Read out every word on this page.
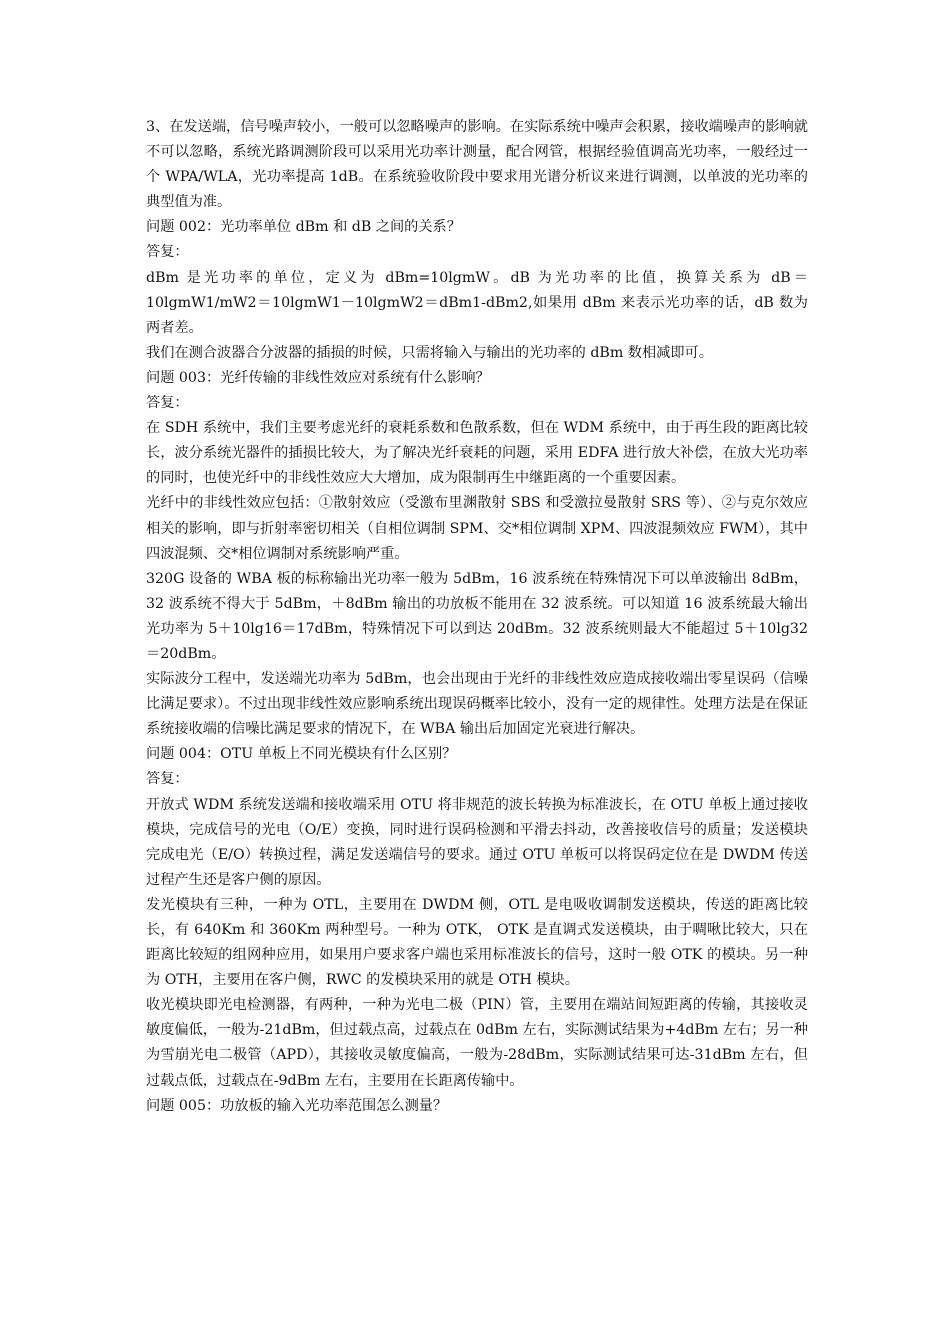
3、在发送端，信号噪声较小，一般可以忽略噪声的影响。在实际系统中噪声会积累，接收端噪声的影响就不可以忽略，系统光路调测阶段可以采用光功率计测量，配合网管，根据经验值调高光功率，一般经过一个 WPA/WLA，光功率提高 1dB。在系统验收阶段中要求用光谱分析议来进行调测，以单波的光功率的典型值为准。

问题 002：光功率单位 dBm 和 dB 之间的关系？

答复：

dBm 是光功率的单位，定义为 dBm=10lgmW。dB 为光功率的比值，换算关系为 dB＝10lgmW1/mW2＝10lgmW1－10lgmW2＝dBm1-dBm2,如果用 dBm 来表示光功率的话，dB 数为两者差。

我们在测合波器合分波器的插损的时候，只需将输入与输出的光功率的 dBm 数相减即可。

问题 003：光纤传输的非线性效应对系统有什么影响？

答复：

在 SDH 系统中，我们主要考虑光纤的衰耗系数和色散系数，但在 WDM 系统中，由于再生段的距离比较长，波分系统光器件的插损比较大，为了解决光纤衰耗的问题，采用 EDFA 进行放大补偿，在放大光功率的同时，也使光纤中的非线性效应大大增加，成为限制再生中继距离的一个重要因素。

光纤中的非线性效应包括：①散射效应（受激布里渊散射 SBS 和受激拉曼散射 SRS 等）、②与克尔效应相关的影响，即与折射率密切相关（自相位调制 SPM、交*相位调制 XPM、四波混频效应 FWM），其中四波混频、交*相位调制对系统影响严重。

320G 设备的 WBA 板的标称输出光功率一般为 5dBm，16 波系统在特殊情况下可以单波输出 8dBm，32 波系统不得大于 5dBm，＋8dBm 输出的功放板不能用在 32 波系统。可以知道 16 波系统最大输出光功率为 5＋10lg16＝17dBm，特殊情况下可以到达 20dBm。32 波系统则最大不能超过 5＋10lg32＝20dBm。

实际波分工程中，发送端光功率为 5dBm，也会出现由于光纤的非线性效应造成接收端出零星误码（信噪比满足要求）。不过出现非线性效应影响系统出现误码概率比较小，没有一定的规律性。处理方法是在保证系统接收端的信噪比满足要求的情况下，在 WBA 输出后加固定光衰进行解决。

问题 004：OTU 单板上不同光模块有什么区别？

答复：

开放式 WDM 系统发送端和接收端采用 OTU 将非规范的波长转换为标准波长，在 OTU 单板上通过接收模块，完成信号的光电（O/E）变换，同时进行误码检测和平滑去抖动，改善接收信号的质量；发送模块完成电光（E/O）转换过程，满足发送端信号的要求。通过 OTU 单板可以将误码定位在是 DWDM 传送过程产生还是客户侧的原因。

发光模块有三种，一种为 OTL，主要用在 DWDM 侧，OTL 是电吸收调制发送模块，传送的距离比较长，有 640Km 和 360Km 两种型号。一种为 OTK， OTK 是直调式发送模块，由于啁啾比较大，只在距离比较短的组网种应用，如果用户要求客户端也采用标准波长的信号，这时一般 OTK 的模块。另一种为 OTH，主要用在客户侧，RWC 的发模块采用的就是 OTH 模块。

收光模块即光电检测器，有两种，一种为光电二极（PIN）管，主要用在端站间短距离的传输，其接收灵敏度偏低，一般为-21dBm，但过载点高，过载点在 0dBm 左右，实际测试结果为+4dBm 左右；另一种为雪崩光电二极管（APD），其接收灵敏度偏高，一般为-28dBm，实际测试结果可达-31dBm 左右，但过载点低，过载点在-9dBm 左右，主要用在长距离传输中。

问题 005：功放板的输入光功率范围怎么测量？
